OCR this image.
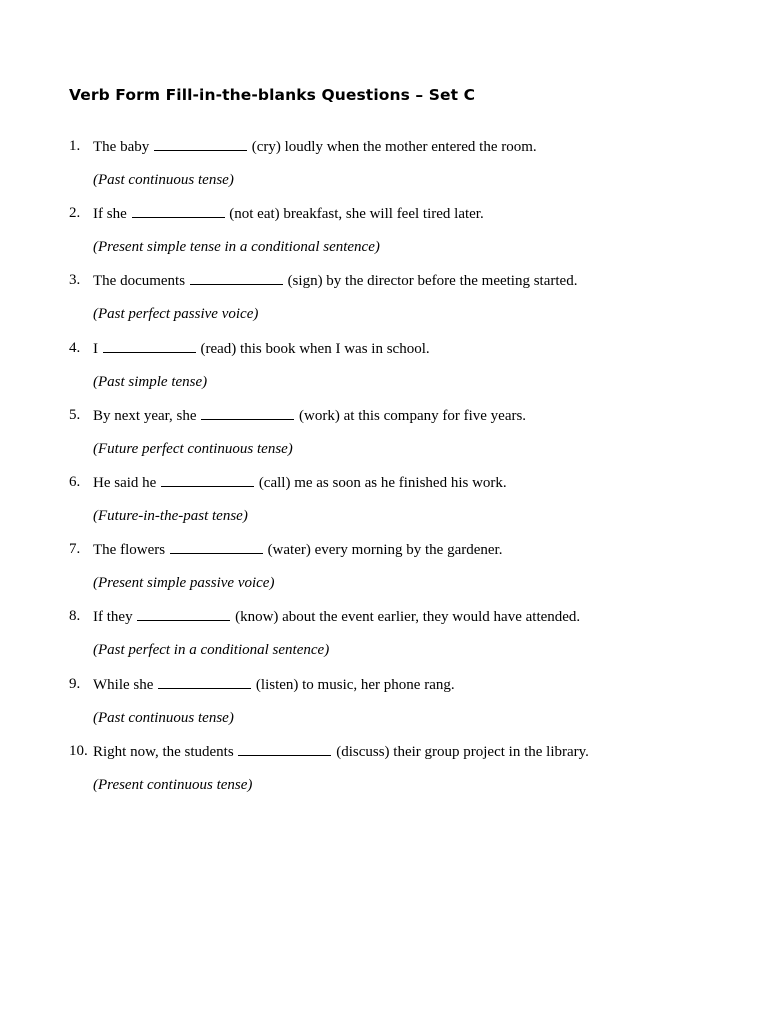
Verb Form Fill-in-the-blanks Questions – Set C
1. The baby	(cry) loudly when the mother entered the room.
(Past continuous tense)
2. If she	(not eat) breakfast, she will feel tired later.
(Present simple tense in a conditional sentence)
3. The documents	(sign) by the director before the meeting started.
(Past perfect passive voice)
4. I	(read) this book when I was in school.
(Past simple tense)
5. By next year, she	(work) at this company for five years.
(Future perfect continuous tense)
6. He said he	(call) me as soon as he finished his work.
(Future-in-the-past tense)
7. The flowers	(water) every morning by the gardener.
(Present simple passive voice)
8. If they	(know) about the event earlier, they would have attended.
(Past perfect in a conditional sentence)
9. While she	(listen) to music, her phone rang.
(Past continuous tense)
10. Right now, the students	(discuss) their group project in the library.
(Present continuous tense)
